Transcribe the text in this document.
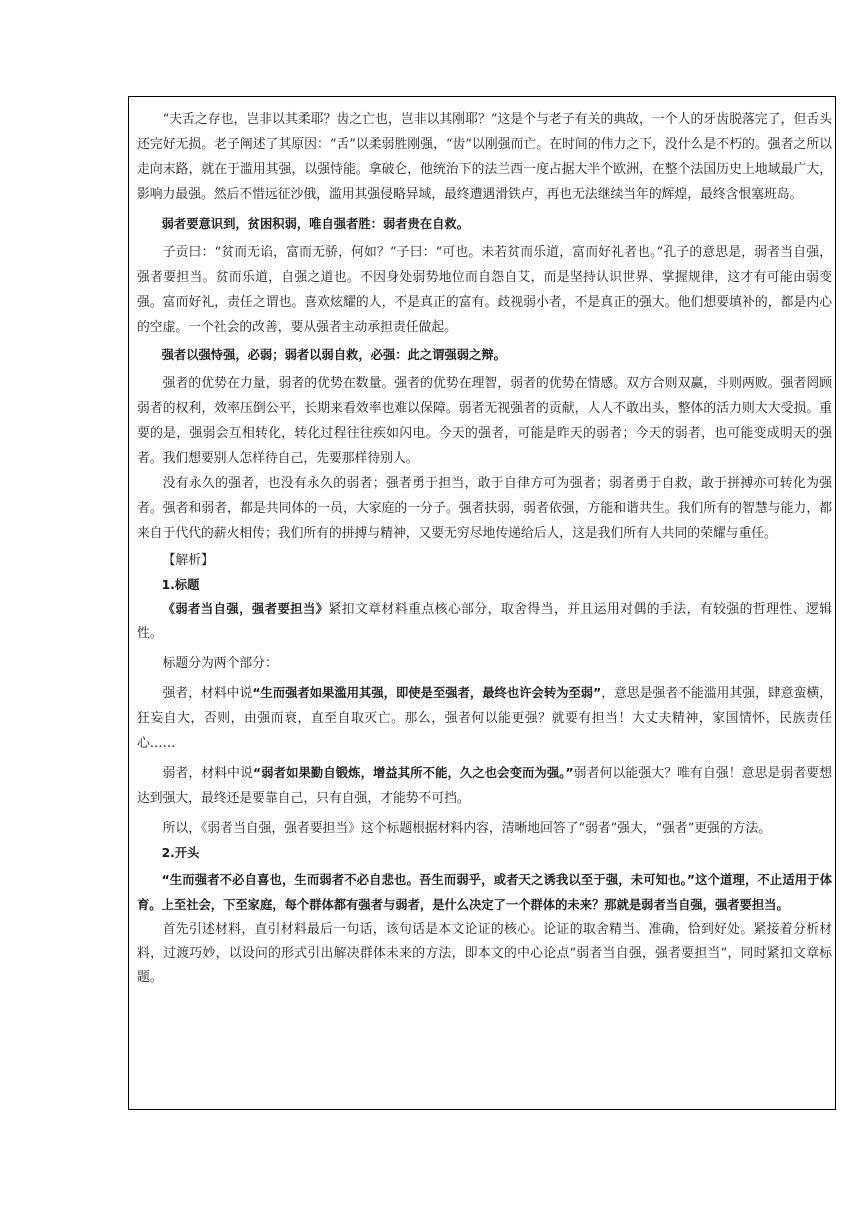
“夫舌之存也，岂非以其柔耶？齿之亡也，岂非以其刚耶？”这是个与老子有关的典故，一个人的牙齿脱落完了，但舌头还完好无损。老子阐述了其原因：“舌”以柔弱胜刚强，“齿”以刚强而亡。在时间的伟力之下，没什么是不朽的。强者之所以走向末路，就在于滥用其强，以强恃能。拿破仑，他统治下的法兰西一度占据大半个欧洲，在整个法国历史上地域最广大，影响力最强。然后不惜远征沙俄，滥用其强侵略异域，最终遭遇滑铁卢，再也无法继续当年的辉煌，最终含恨塞班岛。

弱者要意识到，贫困积弱，唯自强者胜：弱者贵在自救。

子贡曰：“贫而无谄，富而无骄，何如？”子曰：“可也。未若贫而乐道，富而好礼者也。”孔子的意思是，弱者当自强，强者要担当。贫而乐道，自强之道也。不因身处弱势地位而自怨自艾，而是坚持认识世界、掌握规律，这才有可能由弱变强。富而好礼，责任之谓也。喜欢炫耀的人，不是真正的富有。歧视弱小者，不是真正的强大。他们想要填补的，都是内心的空虚。一个社会的改善，要从强者主动承担责任做起。

强者以强恃强，必弱；弱者以弱自救，必强：此之谓强弱之辩。

强者的优势在力量，弱者的优势在数量。强者的优势在理智，弱者的优势在情感。双方合则双赢，斗则两败。强者罔顾弱者的权利，效率压倒公平，长期来看效率也难以保障。弱者无视强者的贡献，人人不敢出头，整体的活力则大大受损。重要的是，强弱会互相转化，转化过程往往疾如闪电。今天的强者，可能是昨天的弱者；今天的弱者，也可能变成明天的强者。我们想要别人怎样待自己，先要那样待别人。

没有永久的强者，也没有永久的弱者；强者勇于担当，敢于自律方可为强者；弱者勇于自救，敢于拼搏亦可转化为强者。强者和弱者，都是共同体的一员，大家庭的一分子。强者扶弱，弱者依强，方能和谐共生。我们所有的智慧与能力，都来自于代代的薪火相传；我们所有的拼搏与精神，又要无穷尽地传递给后人，这是我们所有人共同的荣耀与重任。

【解析】

1.标题

《弱者当自强，强者要担当》紧扣文章材料重点核心部分，取舍得当，并且运用对偶的手法，有较强的哲理性、逻辑性。

标题分为两个部分：

强者，材料中说“生而强者如果滥用其强，即使是至强者，最终也许会转为至弱”，意思是强者不能滥用其强，肆意蛮横，狂妄自大，否则，由强而衰，直至自取灭亡。那么，强者何以能更强？就要有担当！大丈夫精神，家国情怀，民族责任心……

弱者，材料中说“弱者如果勤自锻炼，增益其所不能，久之也会变而为强。”弱者何以能强大？唯有自强！意思是弱者要想达到强大，最终还是要靠自己，只有自强，才能势不可挡。

所以，《弱者当自强，强者要担当》这个标题根据材料内容，清晰地回答了“弱者”强大，“强者”更强的方法。

2.开头

“生而强者不必自喜也，生而弱者不必自悲也。吾生而弱乎，或者天之诱我以至于强，未可知也。”这个道理，不止适用于体育。上至社会，下至家庭，每个群体都有强者与弱者，是什么决定了一个群体的未来？那就是弱者当自强，强者要担当。

首先引述材料，直引材料最后一句话，该句话是本文论证的核心。论证的取舍精当、准确，恰到好处。紧接着分析材料，过渡巧妙，以设问的形式引出解决群体未来的方法，即本文的中心论点“弱者当自强，强者要担当”，同时紧扣文章标题。
